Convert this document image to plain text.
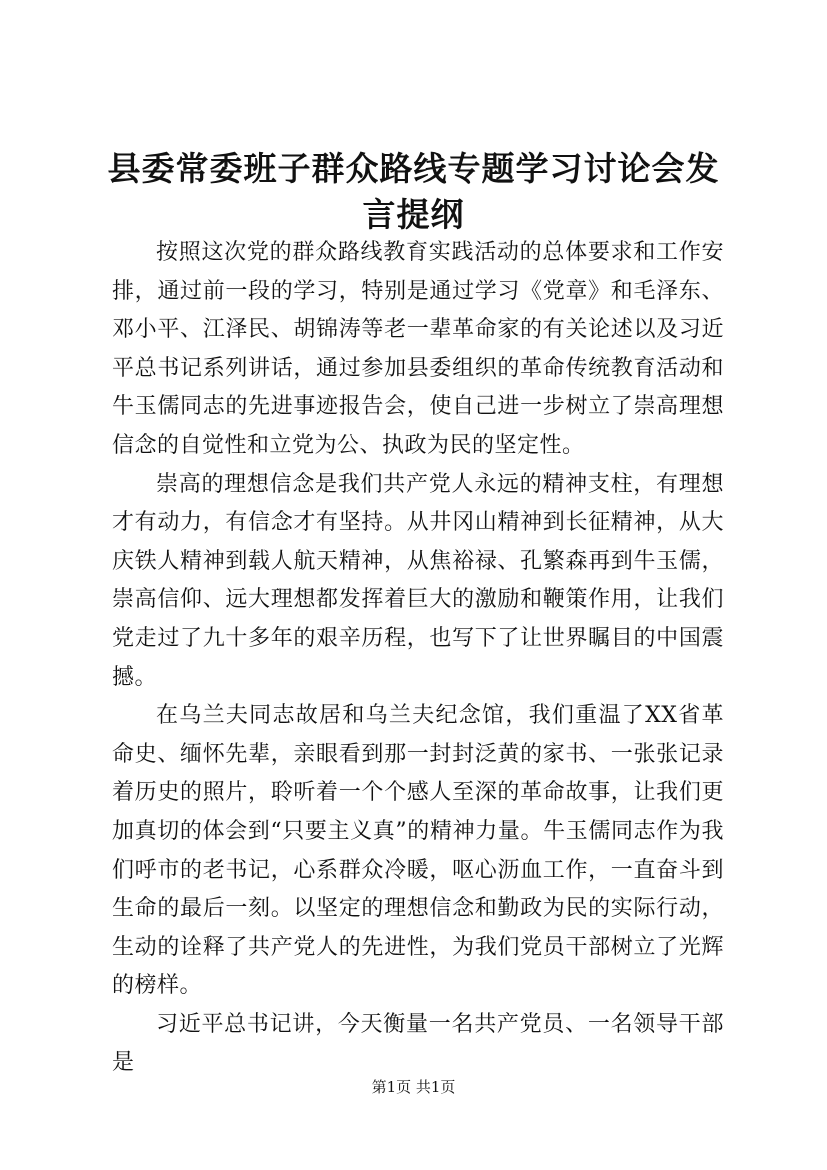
县委常委班子群众路线专题学习讨论会发言提纲

按照这次党的群众路线教育实践活动的总体要求和工作安排，通过前一段的学习，特别是通过学习《党章》和毛泽东、邓小平、江泽民、胡锦涛等老一辈革命家的有关论述以及习近平总书记系列讲话，通过参加县委组织的革命传统教育活动和牛玉儒同志的先进事迹报告会，使自己进一步树立了崇高理想信念的自觉性和立党为公、执政为民的坚定性。

崇高的理想信念是我们共产党人永远的精神支柱，有理想才有动力，有信念才有坚持。从井冈山精神到长征精神，从大庆铁人精神到载人航天精神，从焦裕禄、孔繁森再到牛玉儒，崇高信仰、远大理想都发挥着巨大的激励和鞭策作用，让我们党走过了九十多年的艰辛历程，也写下了让世界瞩目的中国震撼。

在乌兰夫同志故居和乌兰夫纪念馆，我们重温了XX省革命史、缅怀先辈，亲眼看到那一封封泛黄的家书、一张张记录着历史的照片，聆听着一个个感人至深的革命故事，让我们更加真切的体会到“只要主义真”的精神力量。牛玉儒同志作为我们呼市的老书记，心系群众冷暖，呕心沥血工作，一直奋斗到生命的最后一刻。以坚定的理想信念和勤政为民的实际行动，生动的诠释了共产党人的先进性，为我们党员干部树立了光辉的榜样。

习近平总书记讲，今天衡量一名共产党员、一名领导干部是

第1页 共1页
